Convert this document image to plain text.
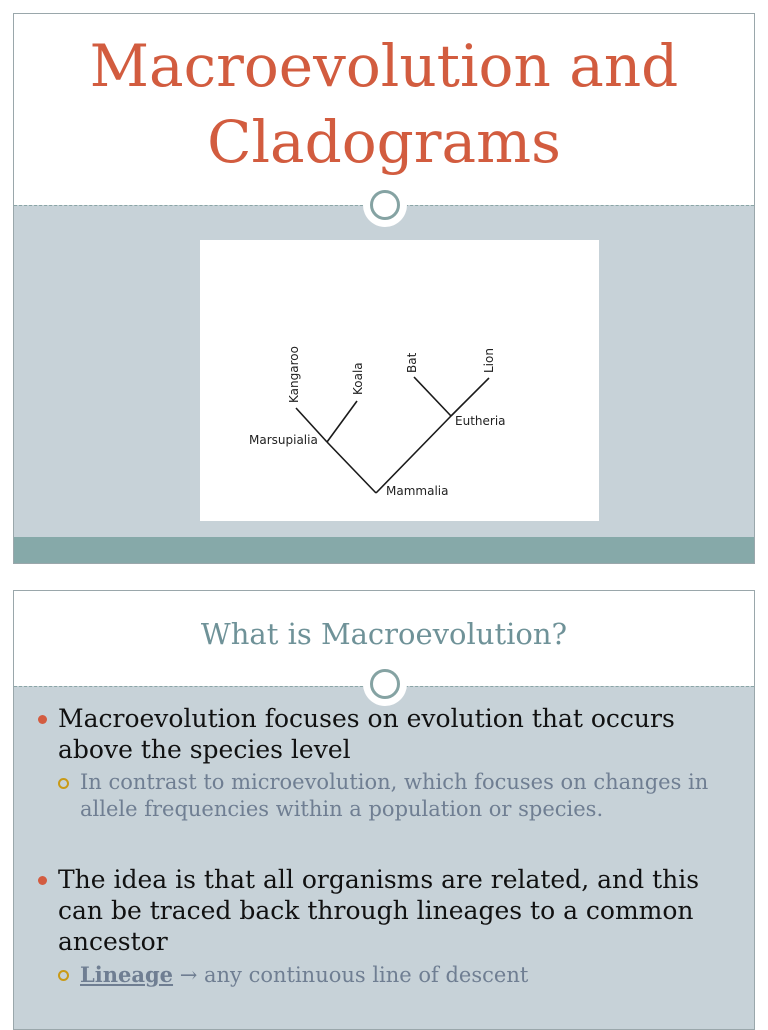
Macroevolution and Cladograms
Kangaroo	Koala	Bat	Lion
Marsupialia
Eutheria
Mammalia
What is Macroevolution?
Macroevolution focuses on evolution that occurs above the species level
In contrast to microevolution, which focuses on changes in allele frequencies within a population or species.
The idea is that all organisms are related, and this can be traced back through lineages to a common ancestor
Lineage → any continuous line of descent
